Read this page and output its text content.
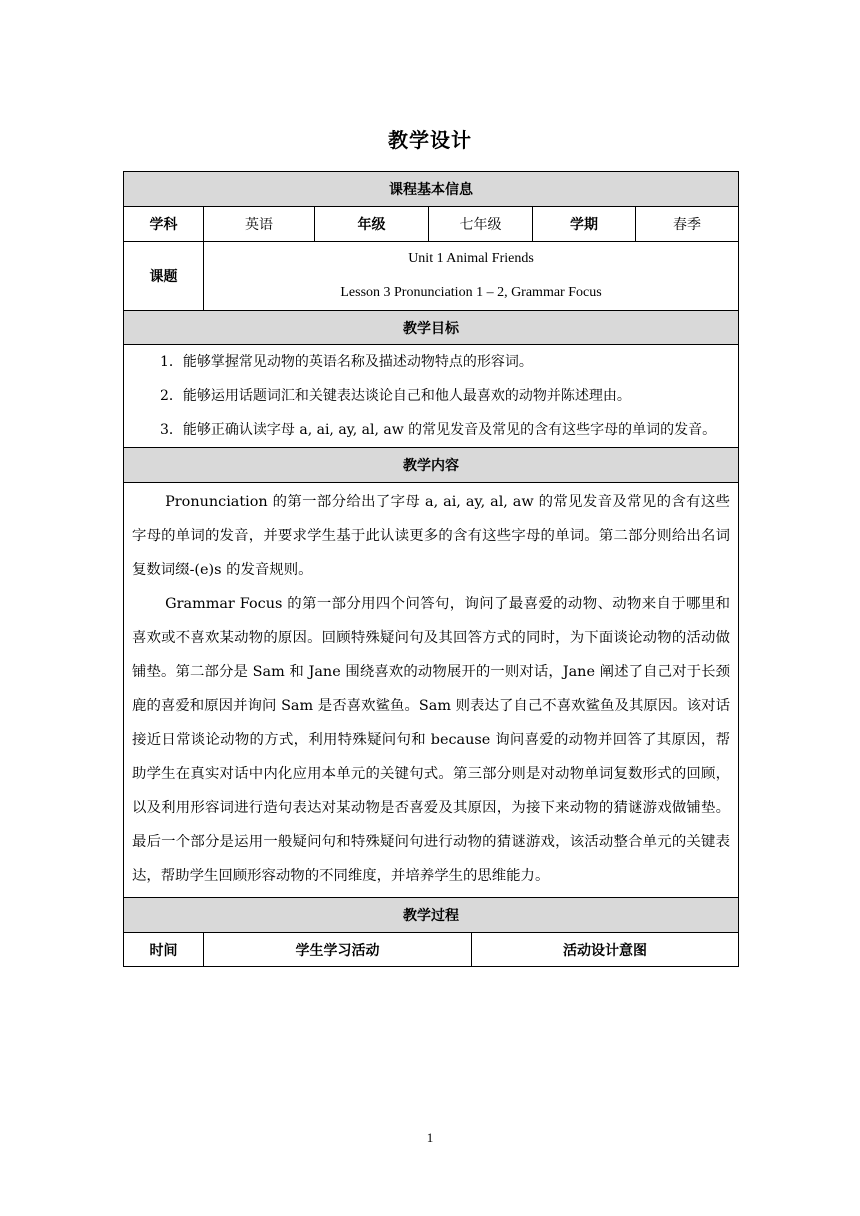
教学设计
课程基本信息						
学科	英语	年级	七年级		学期	春季
课题	Unit 1 Animal Friends
Lesson 3 Pronunciation 1 – 2, Grammar Focus					

教学目标						

1．能够掌握常见动物的英语名称及描述动物特点的形容词。
2．能够运用话题词汇和关键表达谈论自己和他人最喜欢的动物并陈述理由。
3．能够正确认读字母 a, ai, ay, al, aw 的常见发音及常见的含有这些字母的单词的发音。						

教学内容						

Pronunciation 的第一部分给出了字母 a, ai, ay, al, aw 的常见发音及常见的含有这些字母的单词的发音，并要求学生基于此认读更多的含有这些字母的单词。第二部分则给出名词复数词缀-(e)s 的发音规则。

Grammar Focus 的第一部分用四个问答句，询问了最喜爱的动物、动物来自于哪里和喜欢或不喜欢某动物的原因。回顾特殊疑问句及其回答方式的同时，为下面谈论动物的活动做铺垫。第二部分是 Sam 和 Jane 围绕喜欢的动物展开的一则对话，Jane 阐述了自己对于长颈鹿的喜爱和原因并询问 Sam 是否喜欢鲨鱼。Sam 则表达了自己不喜欢鲨鱼及其原因。该对话接近日常谈论动物的方式，利用特殊疑问句和 because 询问喜爱的动物并回答了其原因，帮助学生在真实对话中内化应用本单元的关键句式。第三部分则是对动物单词复数形式的回顾，以及利用形容词进行造句表达对某动物是否喜爱及其原因，为接下来动物的猜谜游戏做铺垫。最后一个部分是运用一般疑问句和特殊疑问句进行动物的猜谜游戏，该活动整合单元的关键表达，帮助学生回顾形容动物的不同维度，并培养学生的思维能力。						

教学过程						
时间	学生学习活动			活动设计意图		
1
